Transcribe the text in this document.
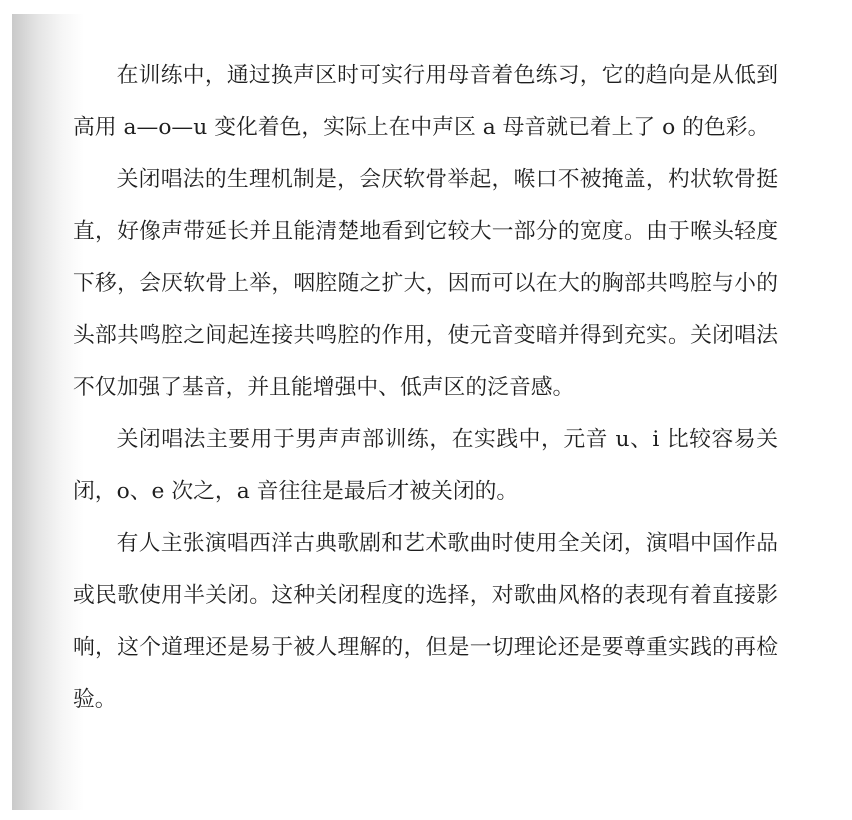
在训练中，通过换声区时可实行用母音着色练习，它的趋向是从低到高用 a—o—u 变化着色，实际上在中声区 a 母音就已着上了 o 的色彩。

关闭唱法的生理机制是，会厌软骨举起，喉口不被掩盖，杓状软骨挺直，好像声带延长并且能清楚地看到它较大一部分的宽度。由于喉头轻度下移，会厌软骨上举，咽腔随之扩大，因而可以在大的胸部共鸣腔与小的头部共鸣腔之间起连接共鸣腔的作用，使元音变暗并得到充实。关闭唱法不仅加强了基音，并且能增强中、低声区的泛音感。

关闭唱法主要用于男声声部训练，在实践中，元音 u、i 比较容易关闭，o、e 次之，a 音往往是最后才被关闭的。

有人主张演唱西洋古典歌剧和艺术歌曲时使用全关闭，演唱中国作品或民歌使用半关闭。这种关闭程度的选择，对歌曲风格的表现有着直接影响，这个道理还是易于被人理解的，但是一切理论还是要尊重实践的再检验。
